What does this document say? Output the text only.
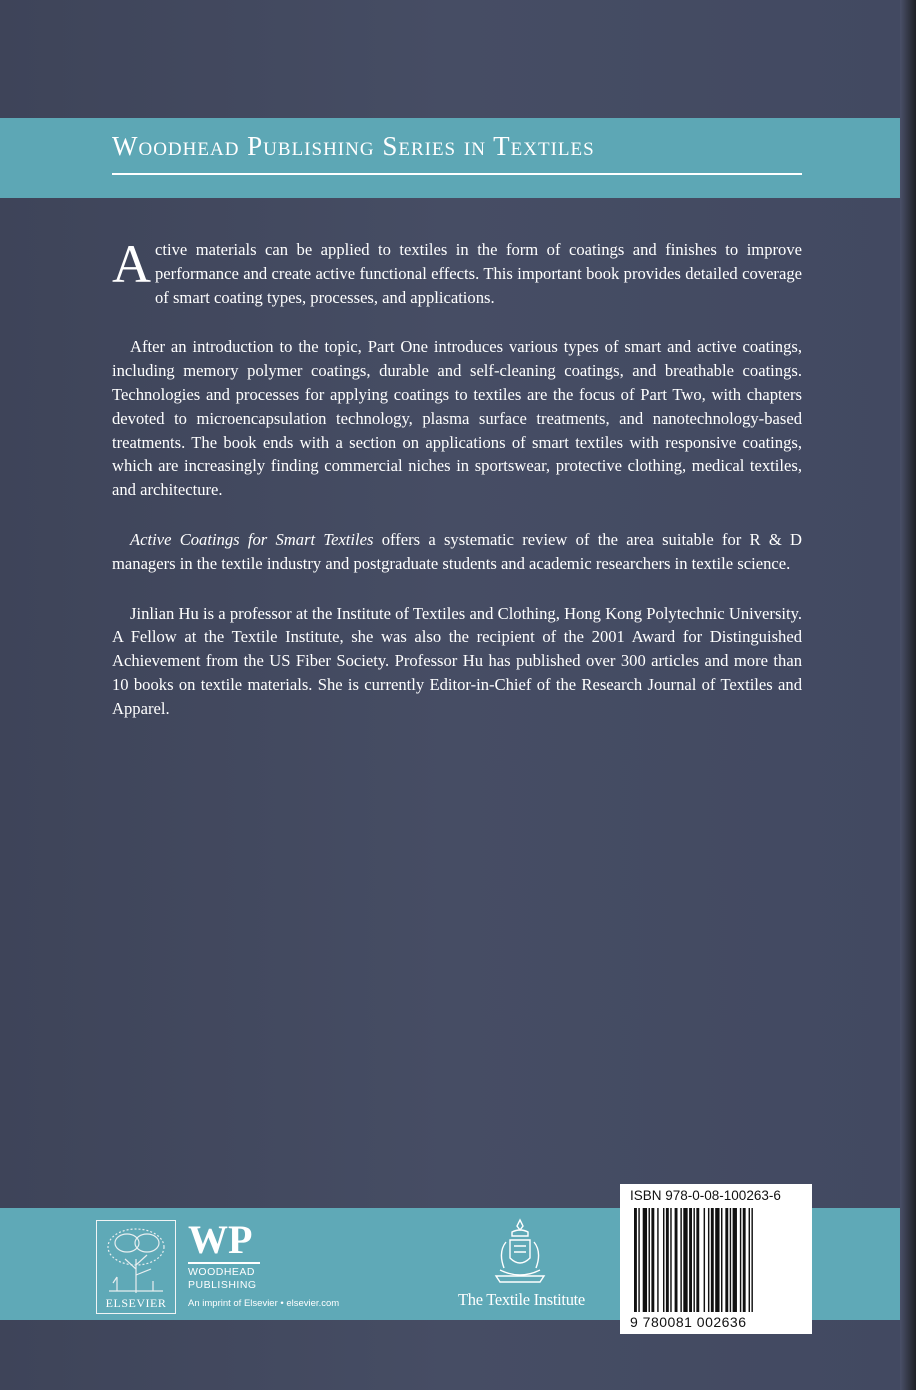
Woodhead Publishing Series in Textiles

Active materials can be applied to textiles in the form of coatings and finishes to improve performance and create active functional effects. This important book provides detailed coverage of smart coating types, processes, and applications.

After an introduction to the topic, Part One introduces various types of smart and active coatings, including memory polymer coatings, durable and self-cleaning coatings, and breathable coatings. Technologies and processes for applying coatings to textiles are the focus of Part Two, with chapters devoted to microencapsulation technology, plasma surface treatments, and nanotechnology-based treatments. The book ends with a section on applications of smart textiles with responsive coatings, which are increasingly finding commercial niches in sportswear, protective clothing, medical textiles, and architecture.

Active Coatings for Smart Textiles offers a systematic review of the area suitable for R & D managers in the textile industry and postgraduate students and academic researchers in textile science.

Jinlian Hu is a professor at the Institute of Textiles and Clothing, Hong Kong Polytechnic University. A Fellow at the Textile Institute, she was also the recipient of the 2001 Award for Distinguished Achievement from the US Fiber Society. Professor Hu has published over 300 articles and more than 10 books on textile materials. She is currently Editor-in-Chief of the Research Journal of Textiles and Apparel.

ELSEVIER
WP
WOODHEAD
PUBLISHING
An imprint of Elsevier • elsevier.com	The Textile Institute
ISBN 978-0-08-100263-6
9 780081 002636
